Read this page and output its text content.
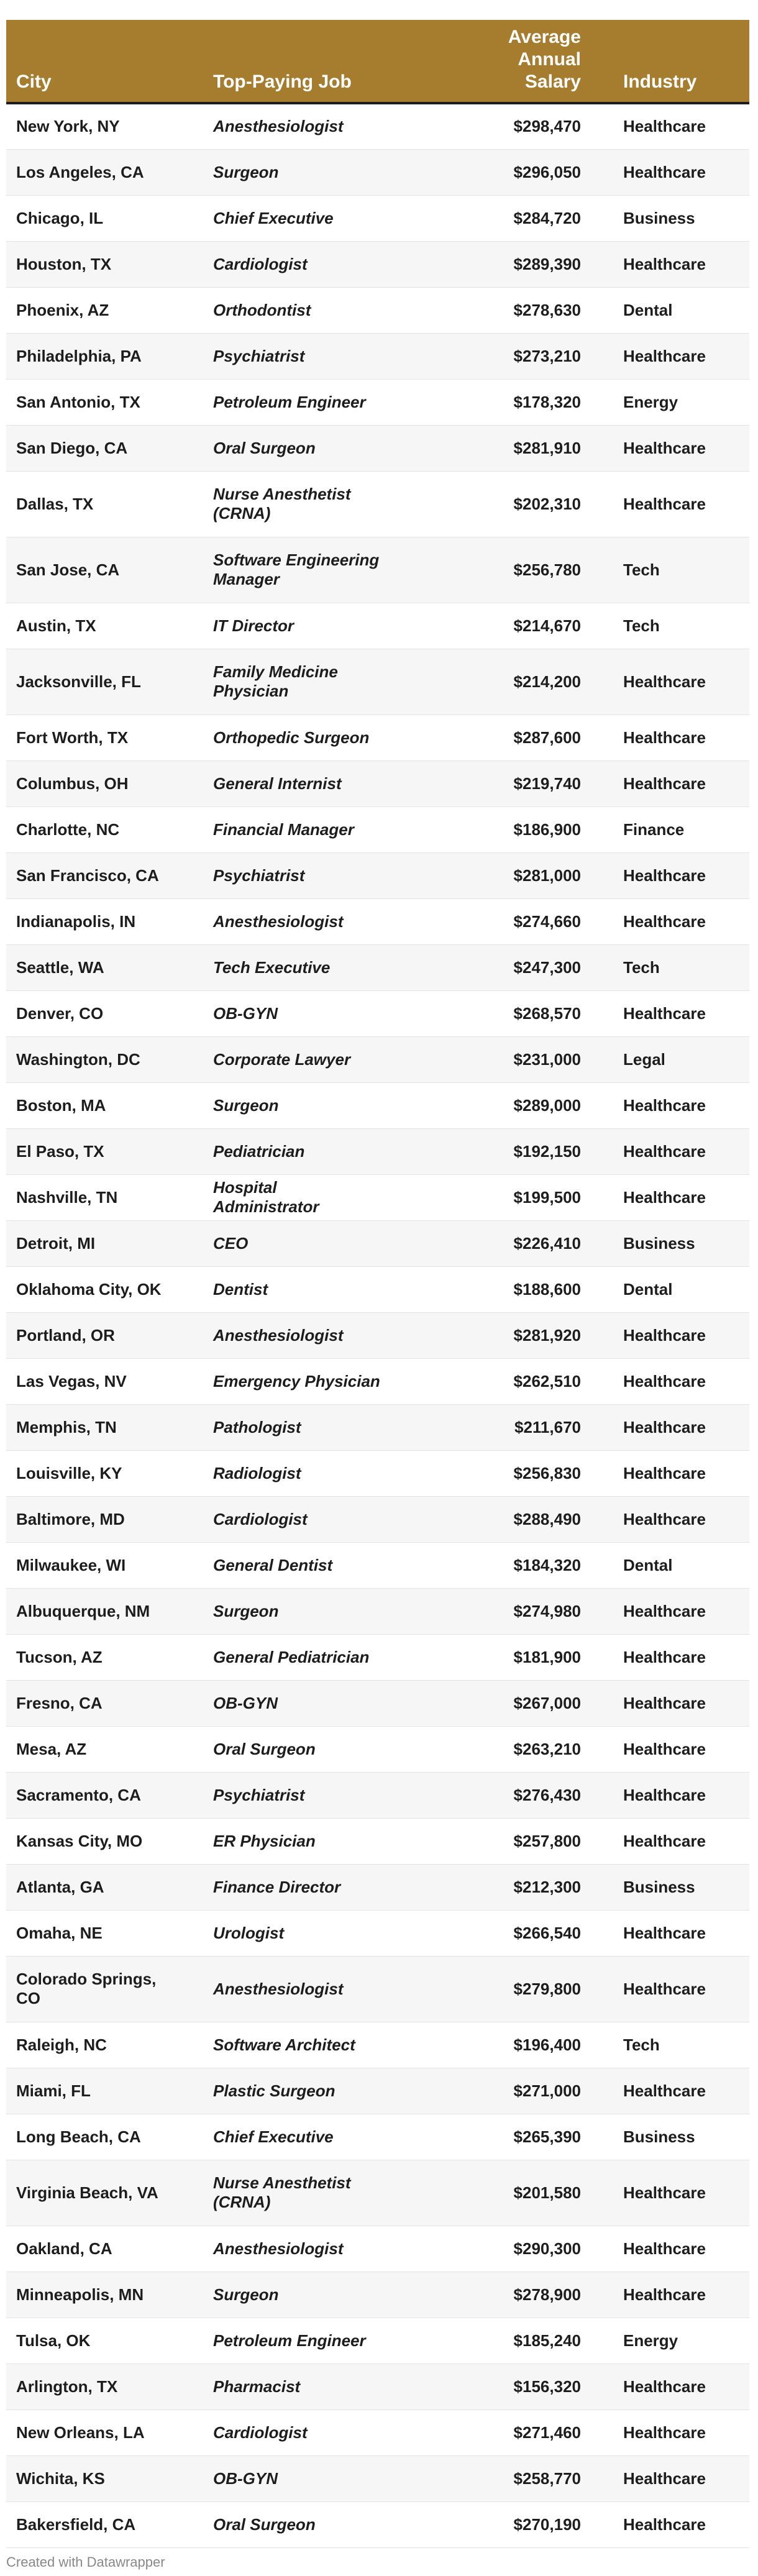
City	Top-Paying Job	Average Annual Salary	Industry
New York, NY	Anesthesiologist	$298,470	Healthcare
Los Angeles, CA	Surgeon	$296,050	Healthcare
Chicago, IL	Chief Executive	$284,720	Business
Houston, TX	Cardiologist	$289,390	Healthcare
Phoenix, AZ	Orthodontist	$278,630	Dental
Philadelphia, PA	Psychiatrist	$273,210	Healthcare
San Antonio, TX	Petroleum Engineer	$178,320	Energy
San Diego, CA	Oral Surgeon	$281,910	Healthcare
Dallas, TX	Nurse Anesthetist (CRNA)	$202,310	Healthcare
San Jose, CA	Software Engineering Manager	$256,780	Tech
Austin, TX	IT Director	$214,670	Tech
Jacksonville, FL	Family Medicine Physician	$214,200	Healthcare
Fort Worth, TX	Orthopedic Surgeon	$287,600	Healthcare
Columbus, OH	General Internist	$219,740	Healthcare
Charlotte, NC	Financial Manager	$186,900	Finance
San Francisco, CA	Psychiatrist	$281,000	Healthcare
Indianapolis, IN	Anesthesiologist	$274,660	Healthcare
Seattle, WA	Tech Executive	$247,300	Tech
Denver, CO	OB-GYN	$268,570	Healthcare
Washington, DC	Corporate Lawyer	$231,000	Legal
Boston, MA	Surgeon	$289,000	Healthcare
El Paso, TX	Pediatrician	$192,150	Healthcare
Nashville, TN	Hospital Administrator	$199,500	Healthcare
Detroit, MI	CEO	$226,410	Business
Oklahoma City, OK	Dentist	$188,600	Dental
Portland, OR	Anesthesiologist	$281,920	Healthcare
Las Vegas, NV	Emergency Physician	$262,510	Healthcare
Memphis, TN	Pathologist	$211,670	Healthcare
Louisville, KY	Radiologist	$256,830	Healthcare
Baltimore, MD	Cardiologist	$288,490	Healthcare
Milwaukee, WI	General Dentist	$184,320	Dental
Albuquerque, NM	Surgeon	$274,980	Healthcare
Tucson, AZ	General Pediatrician	$181,900	Healthcare
Fresno, CA	OB-GYN	$267,000	Healthcare
Mesa, AZ	Oral Surgeon	$263,210	Healthcare
Sacramento, CA	Psychiatrist	$276,430	Healthcare
Kansas City, MO	ER Physician	$257,800	Healthcare
Atlanta, GA	Finance Director	$212,300	Business
Omaha, NE	Urologist	$266,540	Healthcare
Colorado Springs, CO	Anesthesiologist	$279,800	Healthcare
Raleigh, NC	Software Architect	$196,400	Tech
Miami, FL	Plastic Surgeon	$271,000	Healthcare
Long Beach, CA	Chief Executive	$265,390	Business
Virginia Beach, VA	Nurse Anesthetist (CRNA)	$201,580	Healthcare
Oakland, CA	Anesthesiologist	$290,300	Healthcare
Minneapolis, MN	Surgeon	$278,900	Healthcare
Tulsa, OK	Petroleum Engineer	$185,240	Energy
Arlington, TX	Pharmacist	$156,320	Healthcare
New Orleans, LA	Cardiologist	$271,460	Healthcare
Wichita, KS	OB-GYN	$258,770	Healthcare
Bakersfield, CA	Oral Surgeon	$270,190	Healthcare
Created with Datawrapper
